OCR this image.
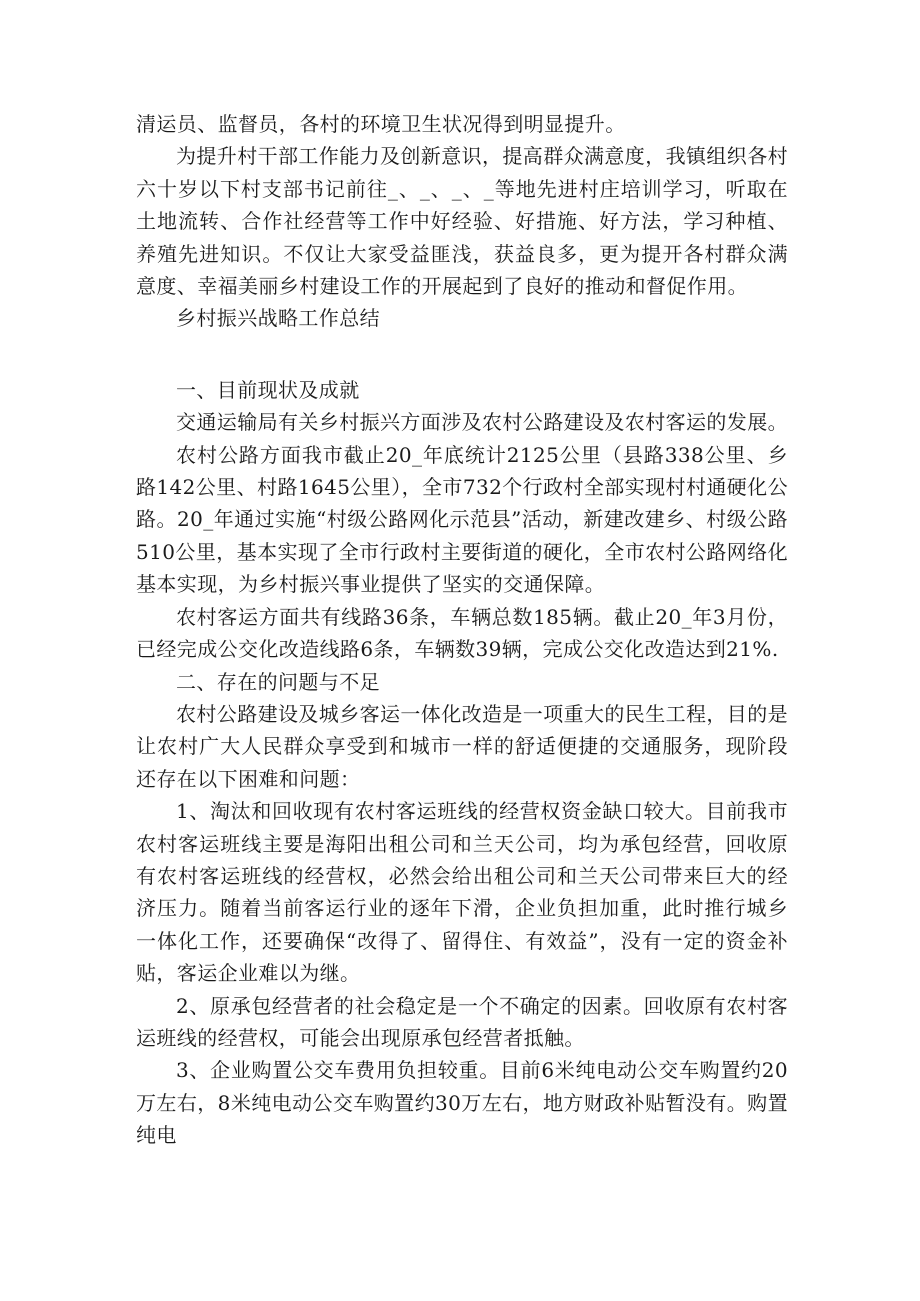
清运员、监督员，各村的环境卫生状况得到明显提升。

为提升村干部工作能力及创新意识，提高群众满意度，我镇组织各村六十岁以下村支部书记前往_、_、_、_等地先进村庄培训学习，听取在土地流转、合作社经营等工作中好经验、好措施、好方法，学习种植、养殖先进知识。不仅让大家受益匪浅，获益良多，更为提开各村群众满意度、幸福美丽乡村建设工作的开展起到了良好的推动和督促作用。

乡村振兴战略工作总结

一、目前现状及成就

交通运输局有关乡村振兴方面涉及农村公路建设及农村客运的发展。

农村公路方面我市截止20_年底统计2125公里（县路338公里、乡路142公里、村路1645公里），全市732个行政村全部实现村村通硬化公路。20_年通过实施“村级公路网化示范县”活动，新建改建乡、村级公路510公里，基本实现了全市行政村主要街道的硬化，全市农村公路网络化基本实现，为乡村振兴事业提供了坚实的交通保障。

农村客运方面共有线路36条，车辆总数185辆。截止20_年3月份，已经完成公交化改造线路6条，车辆数39辆，完成公交化改造达到21%.

二、存在的问题与不足

农村公路建设及城乡客运一体化改造是一项重大的民生工程，目的是让农村广大人民群众享受到和城市一样的舒适便捷的交通服务，现阶段还存在以下困难和问题：

1、淘汰和回收现有农村客运班线的经营权资金缺口较大。目前我市农村客运班线主要是海阳出租公司和兰天公司，均为承包经营，回收原有农村客运班线的经营权，必然会给出租公司和兰天公司带来巨大的经济压力。随着当前客运行业的逐年下滑，企业负担加重，此时推行城乡一体化工作，还要确保“改得了、留得住、有效益”，没有一定的资金补贴，客运企业难以为继。

2、原承包经营者的社会稳定是一个不确定的因素。回收原有农村客运班线的经营权，可能会出现原承包经营者抵触。

3、企业购置公交车费用负担较重。目前6米纯电动公交车购置约20万左右，8米纯电动公交车购置约30万左右，地方财政补贴暂没有。购置纯电
